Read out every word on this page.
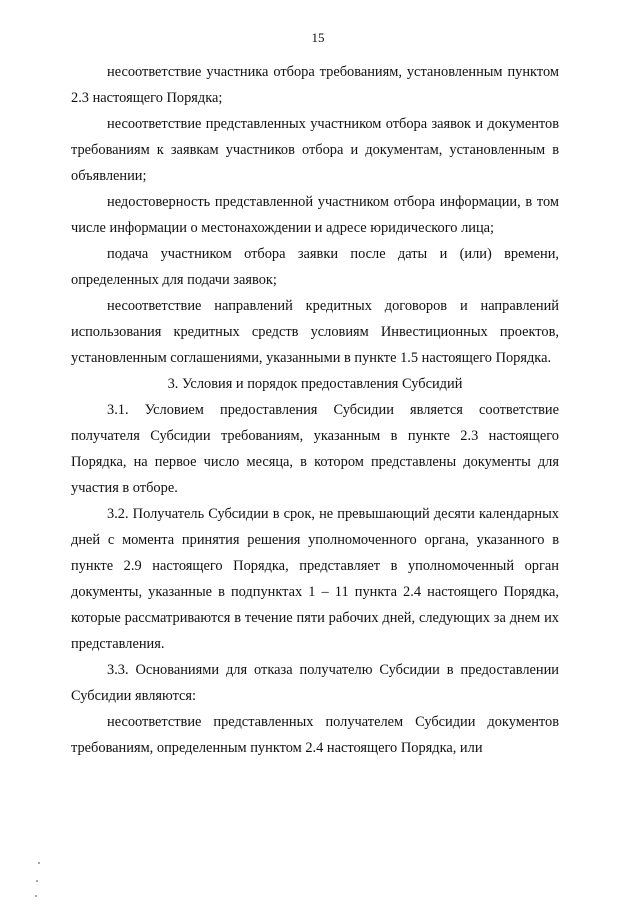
15

несоответствие участника отбора требованиям, установленным пунктом 2.3 настоящего Порядка;

несоответствие представленных участником отбора заявок и документов требованиям к заявкам участников отбора и документам, установленным в объявлении;

недостоверность представленной участником отбора информации, в том числе информации о местонахождении и адресе юридического лица;

подача участником отбора заявки после даты и (или) времени, определенных для подачи заявок;

несоответствие направлений кредитных договоров и направлений использования кредитных средств условиям Инвестиционных проектов, установленным соглашениями, указанными в пункте 1.5 настоящего Порядка.

3. Условия и порядок предоставления Субсидий

3.1. Условием предоставления Субсидии является соответствие получателя Субсидии требованиям, указанным в пункте 2.3 настоящего Порядка, на первое число месяца, в котором представлены документы для участия в отборе.

3.2. Получатель Субсидии в срок, не превышающий десяти календарных дней с момента принятия решения уполномоченного органа, указанного в пункте 2.9 настоящего Порядка, представляет в уполномоченный орган документы, указанные в подпунктах 1 – 11 пункта 2.4 настоящего Порядка, которые рассматриваются в течение пяти рабочих дней, следующих за днем их представления.

3.3. Основаниями для отказа получателю Субсидии в предоставлении Субсидии являются:

несоответствие представленных получателем Субсидии документов требованиям, определенным пунктом 2.4 настоящего Порядка, или
